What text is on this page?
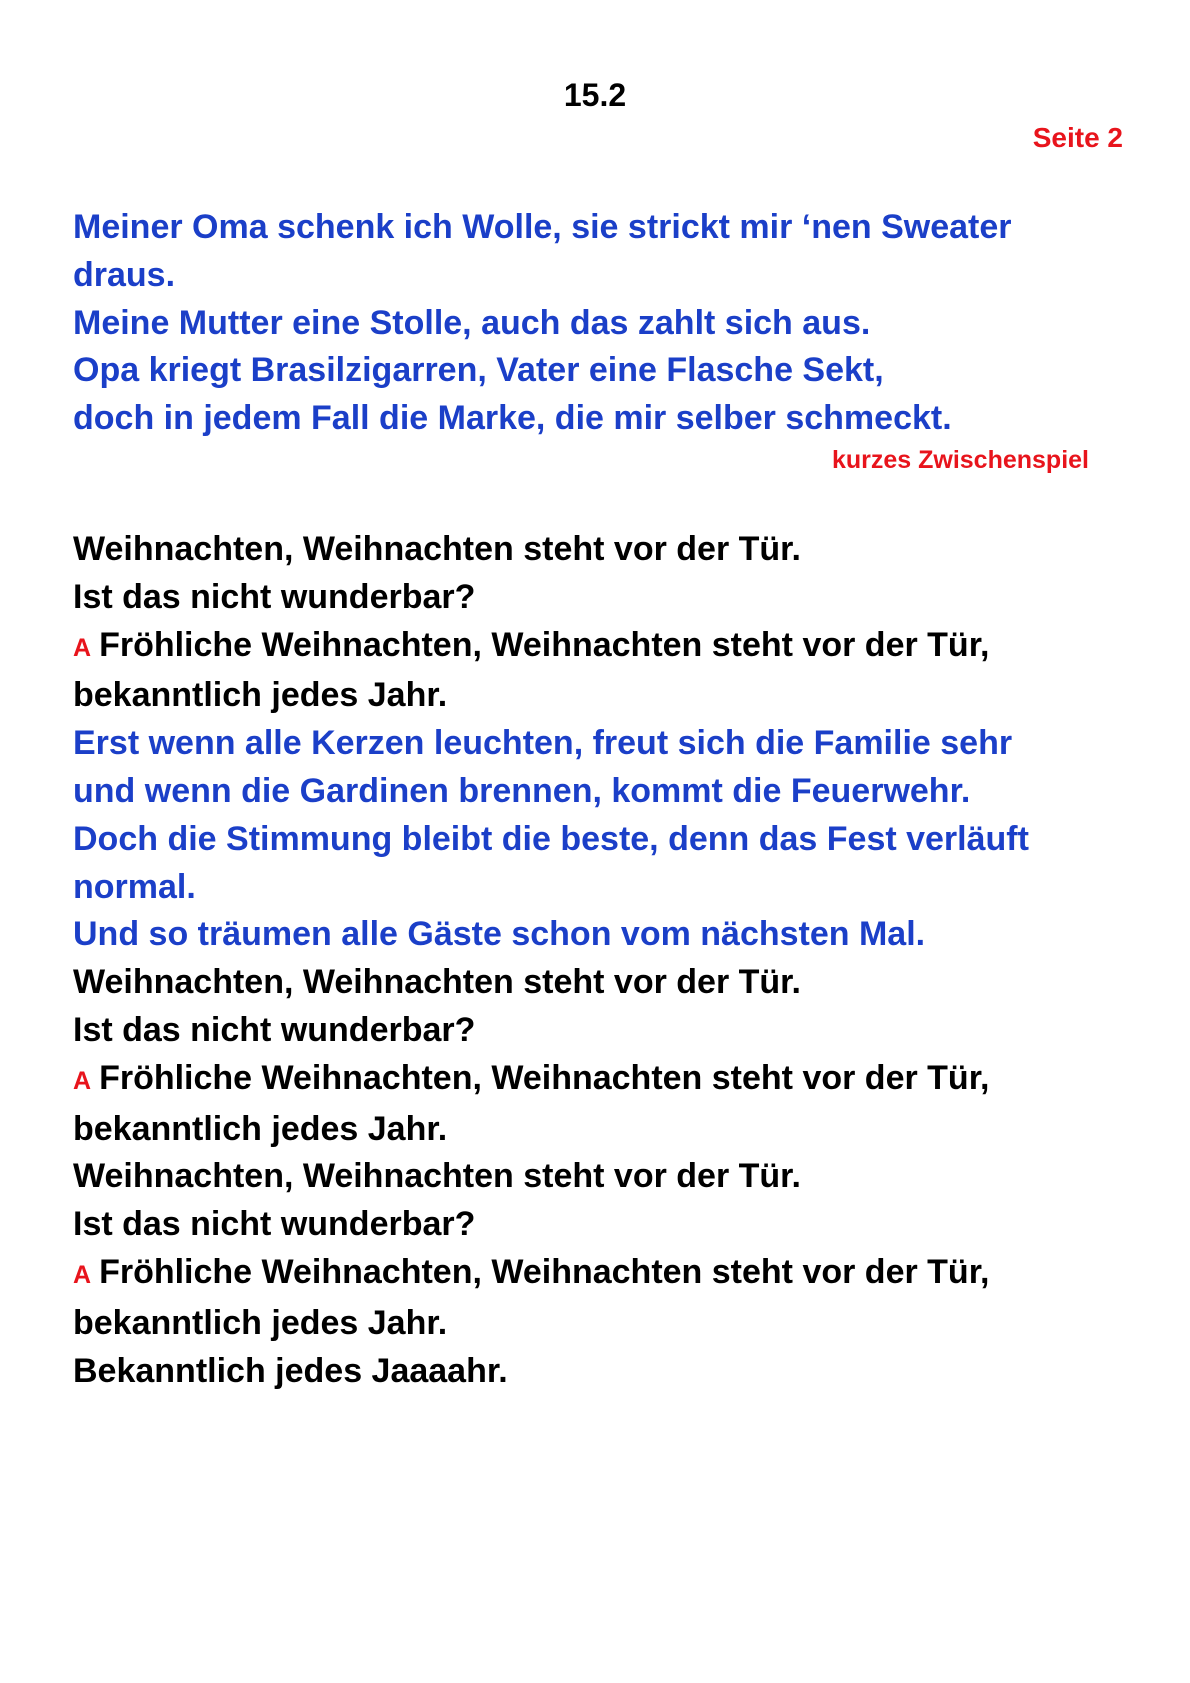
15.2
Seite 2
Meiner Oma schenk ich Wolle, sie strickt mir ‘nen Sweater
draus.
Meine Mutter eine Stolle, auch das zahlt sich aus.
Opa kriegt Brasilzigarren, Vater eine Flasche Sekt,
doch in jedem Fall die Marke, die mir selber schmeckt.
kurzes Zwischenspiel
Weihnachten, Weihnachten steht vor der Tür.
Ist das nicht wunderbar?
A Fröhliche Weihnachten, Weihnachten steht vor der Tür,
bekanntlich jedes Jahr.
Erst wenn alle Kerzen leuchten, freut sich die Familie sehr
und wenn die Gardinen brennen, kommt die Feuerwehr.
Doch die Stimmung bleibt die beste, denn das Fest verläuft
normal.
Und so träumen alle Gäste schon vom nächsten Mal.
Weihnachten, Weihnachten steht vor der Tür.
Ist das nicht wunderbar?
A Fröhliche Weihnachten, Weihnachten steht vor der Tür,
bekanntlich jedes Jahr.
Weihnachten, Weihnachten steht vor der Tür.
Ist das nicht wunderbar?
A Fröhliche Weihnachten, Weihnachten steht vor der Tür,
bekanntlich jedes Jahr.
Bekanntlich jedes Jaaaahr.
